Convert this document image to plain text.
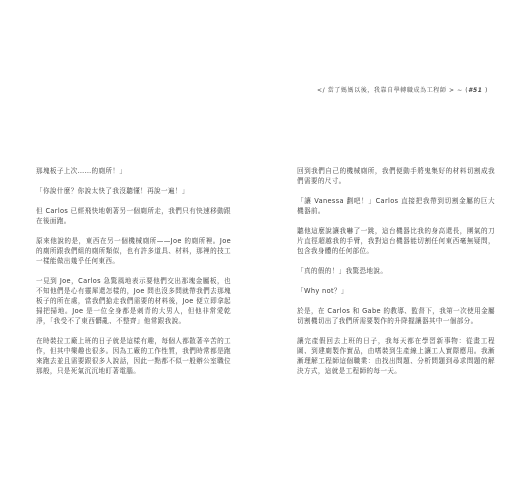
</ 當了媽媽以後，我靠自學轉職成為工程師 > ∼ (#51 )

那塊板子上次……的廁所！」

「你說什麼？你說太快了我沒聽懂！再說一遍！」

但 Carlos 已經飛快地朝著另一個廁所走，我們只有快速移動跟在後面跑。

原來他說的是，東西在另一個機械廁所——Joe 的廁所裡。Joe 的廁所跟我們組的廁所類似，也有許多道具、材料，那裡的技工一樣能做出幾乎任何東西。

一見到 Joe，Carlos 急驚風地表示要他們交出那塊金屬板，也不知他們是心有靈犀還怎樣的，Joe 問也沒多問就帶我們去那塊板子的所在處，當我們搶走我們需要的材料後，Joe 便立即拿起掃把掃地。Joe 是一位全身都是刺青的大男人，但他非常愛乾淨，「我受不了東西髒亂、不整齊」他常跟我說。

在時裝拉工廠上班的日子就是這樣有趣，每個人都散著辛苦的工作，但其中樂趣也很多。因為工廠的工作性質，我們時常都是跑來跑去並且需要跟很多人說話，因此一點都不似一般辦公室職位那般，只是死氣沉沉地盯著電腦。

回到我們自己的機械廁所，我們便動手將鬼集好的材料切割成我們需要的尺寸。

「讓 Vanessa 劃吧！」Carlos 直接把我帶到切割金屬的巨大機器前。

聽他這麼說讓我嚇了一跳，這台機器比我的身高還長，團氣的刀片直徑超越我的手臂，我對這台機器能切割任何東西毫無疑問，包含我身體的任何部位。

「真的假的！」我驚恐地說。

「Why not？」

於是，在 Carlos 和 Gabe 的教導、監督下，我第一次使用金屬切割機切出了我們所需要製作的升降握讓器其中一個部分。

讓完產假回去上班的日子，我每天都在學習新事物：從畫工程圖、到建廁製作實品，由嗜裝到生產線上讓工人實際應用。我漸漸理解工程師這個職業：由找出問題、分析問題到尋求問題的解決方式，這就是工程師的每一天。
